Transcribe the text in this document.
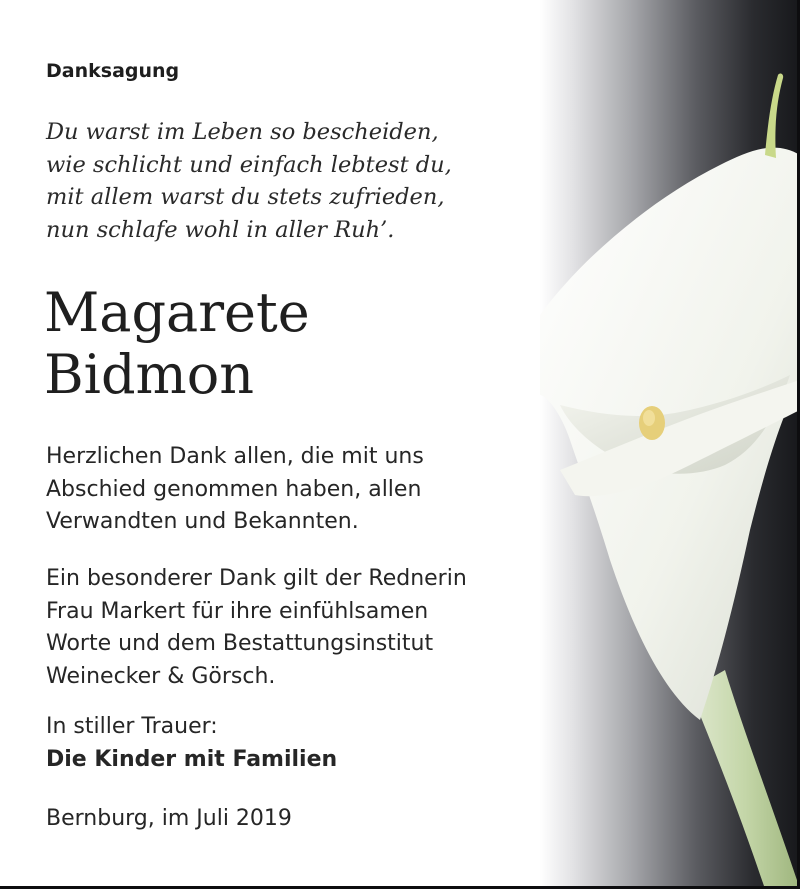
Danksagung
Du warst im Leben so bescheiden,
wie schlicht und einfach lebtest du,
mit allem warst du stets zufrieden,
nun schlafe wohl in aller Ruh’.
Magarete
Bidmon
Herzlichen Dank allen, die mit uns
Abschied genommen haben, allen
Verwandten und Bekannten.
Ein besonderer Dank gilt der Rednerin
Frau Markert für ihre einfühlsamen
Worte und dem Bestattungsinstitut
Weinecker & Görsch.
In stiller Trauer:
Die Kinder mit Familien
Bernburg, im Juli 2019
